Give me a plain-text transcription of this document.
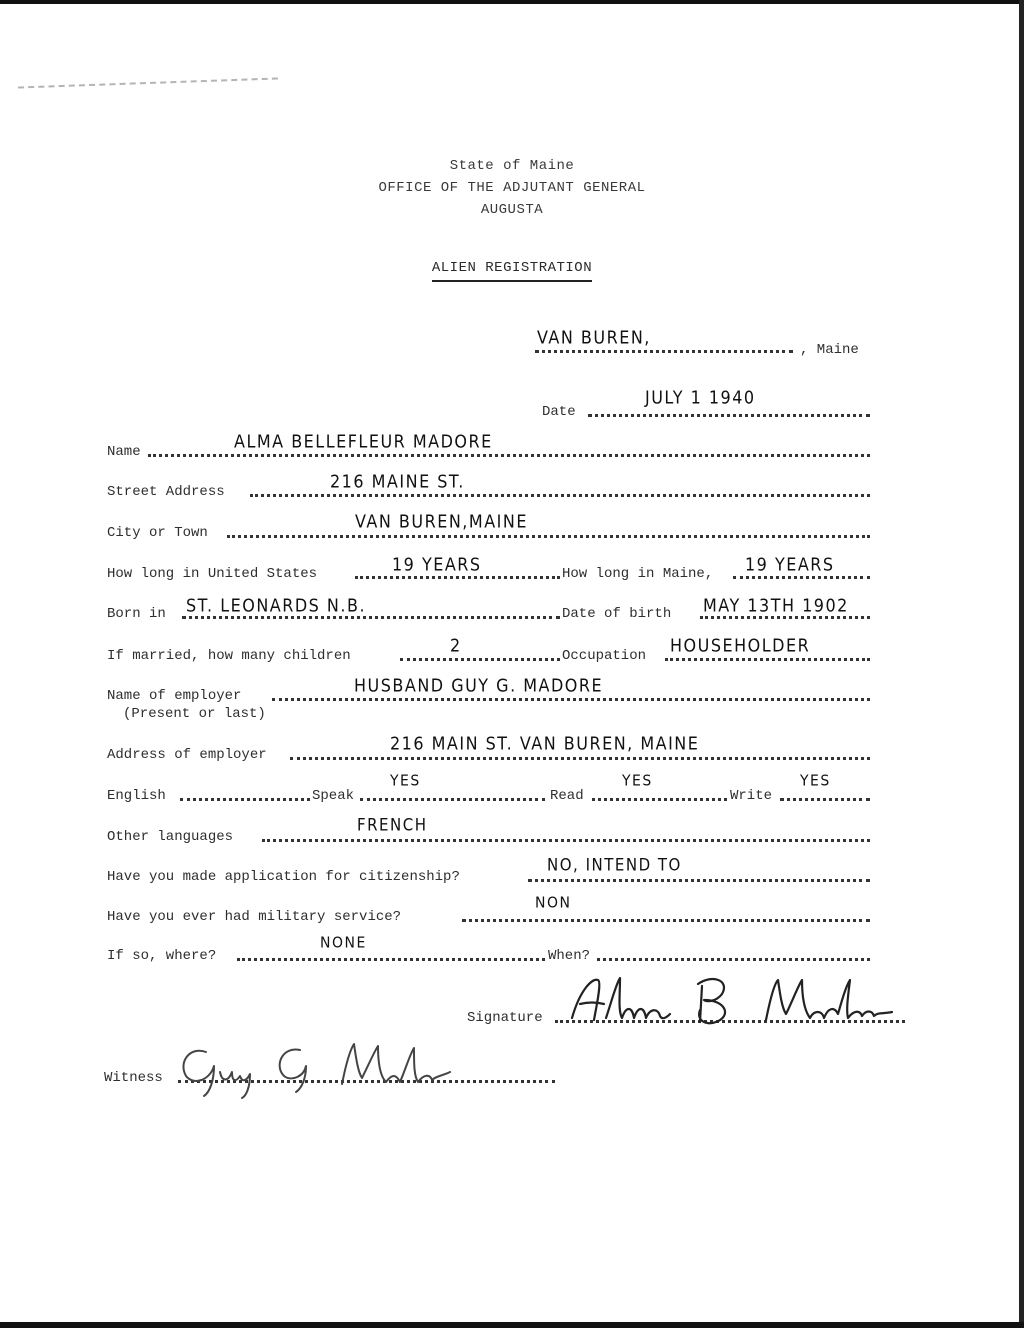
State of Maine
OFFICE OF THE ADJUTANT GENERAL
AUGUSTA
ALIEN REGISTRATION
VAN BUREN,
, Maine
Date
JULY 1 1940
Name
ALMA BELLEFLEUR MADORE
Street Address
216 MAINE ST.
City or Town
VAN BUREN,MAINE
How long in United States	19 YEARS	How long in Maine, 19 YEARS
Born in ST. LEONARDS N.B.	Date of birth MAY 13TH 1902
If married, how many children
2
Occupation
HOUSEHOLDER
Name of employer
(Present or last)
HUSBAND GUY G. MADORE
Address of employer
216 MAIN ST. VAN BUREN, MAINE
English	Speak
YES
Read
YES
Write
YES
Other languages
FRENCH
Have you made application for citizenship?
NO, INTEND TO
Have you ever had military service?
NON
If so, where?
NONE
When?
Signature
Witness
